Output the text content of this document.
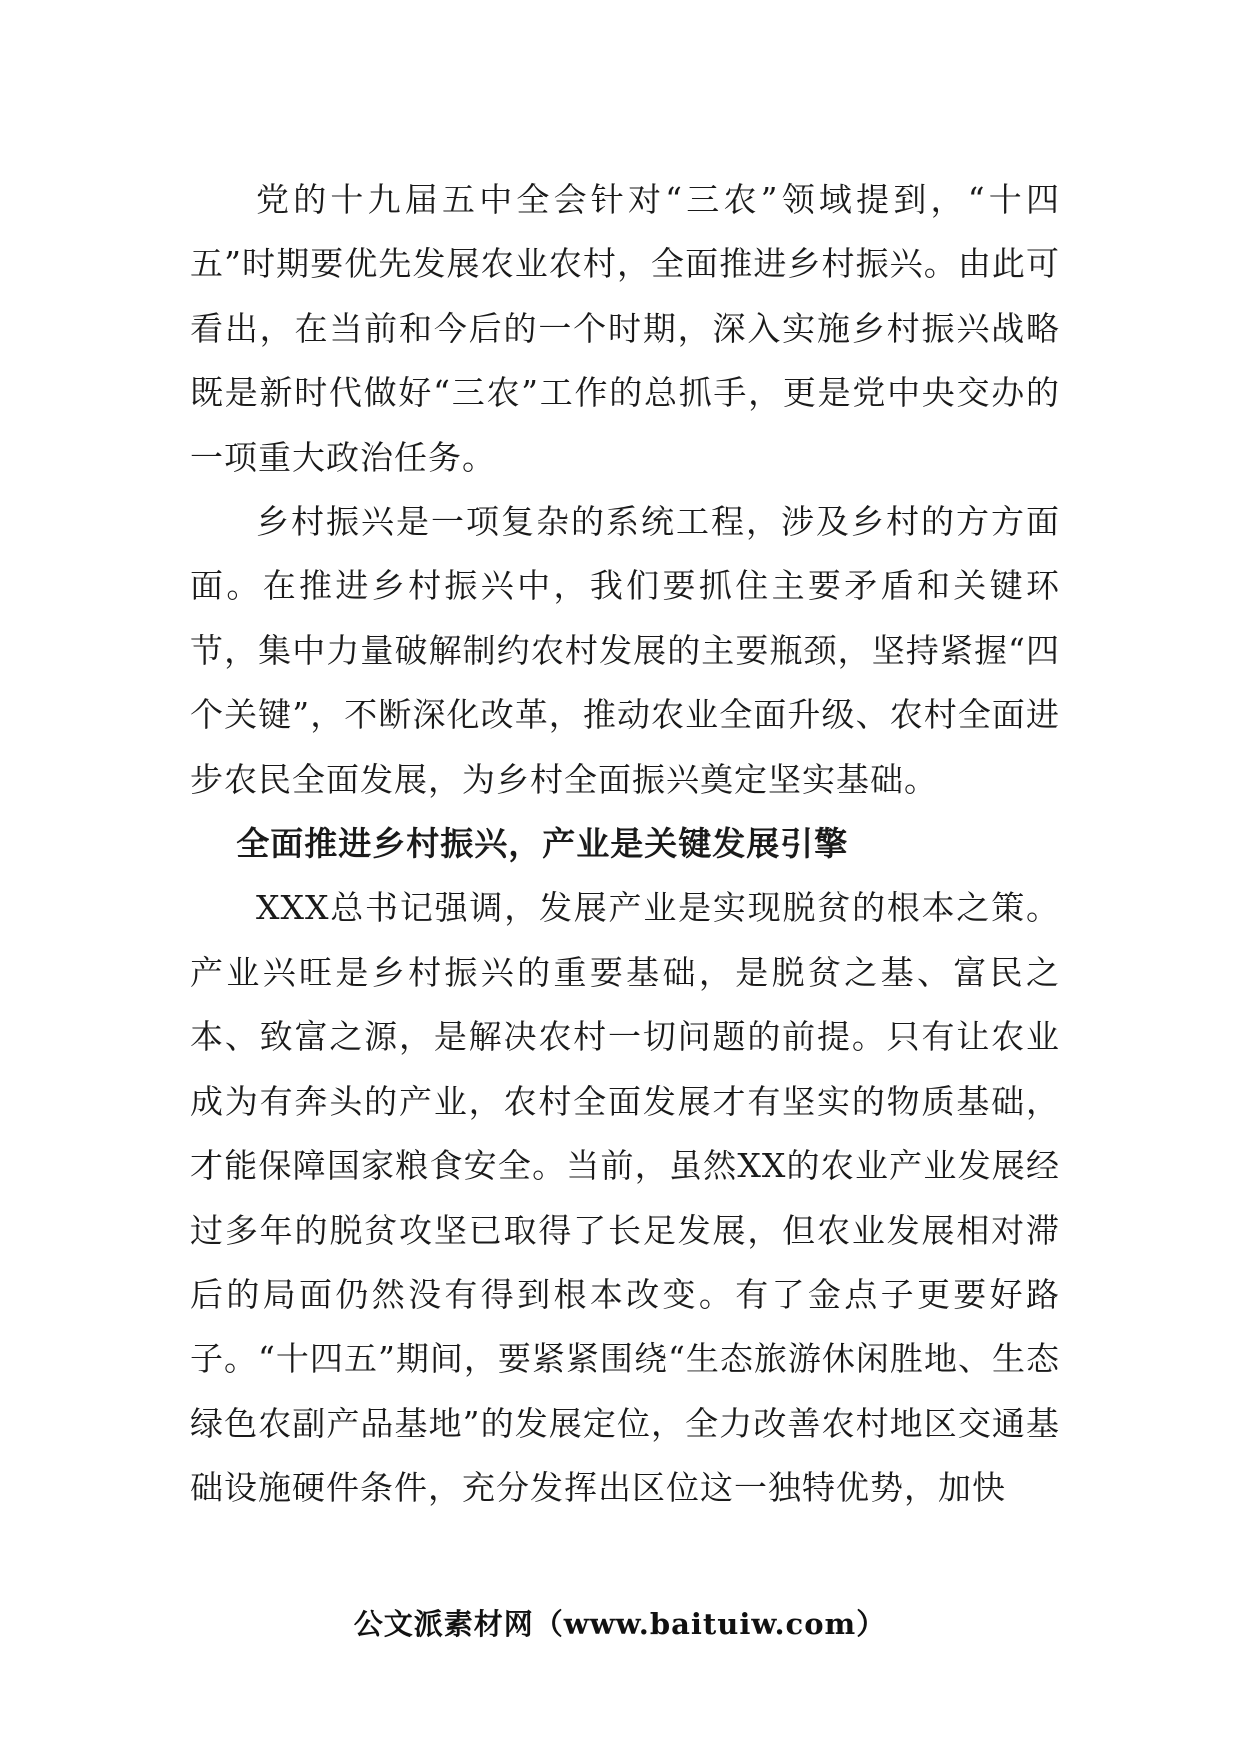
党的十九届五中全会针对“三农”领域提到，“十四五”时期要优先发展农业农村，全面推进乡村振兴。由此可看出，在当前和今后的一个时期，深入实施乡村振兴战略既是新时代做好“三农”工作的总抓手，更是党中央交办的一项重大政治任务。

乡村振兴是一项复杂的系统工程，涉及乡村的方方面面。在推进乡村振兴中，我们要抓住主要矛盾和关键环节，集中力量破解制约农村发展的主要瓶颈，坚持紧握“四个关键”，不断深化改革，推动农业全面升级、农村全面进步农民全面发展，为乡村全面振兴奠定坚实基础。

全面推进乡村振兴，产业是关键发展引擎

XXX总书记强调，发展产业是实现脱贫的根本之策。产业兴旺是乡村振兴的重要基础，是脱贫之基、富民之本、致富之源，是解决农村一切问题的前提。只有让农业成为有奔头的产业，农村全面发展才有坚实的物质基础，才能保障国家粮食安全。当前，虽然XX的农业产业发展经过多年的脱贫攻坚已取得了长足发展，但农业发展相对滞后的局面仍然没有得到根本改变。有了金点子更要好路子。“十四五”期间，要紧紧围绕“生态旅游休闲胜地、生态绿色农副产品基地”的发展定位，全力改善农村地区交通基础设施硬件条件，充分发挥出区位这一独特优势，加快

公文派素材网（www.baituiw.com）
